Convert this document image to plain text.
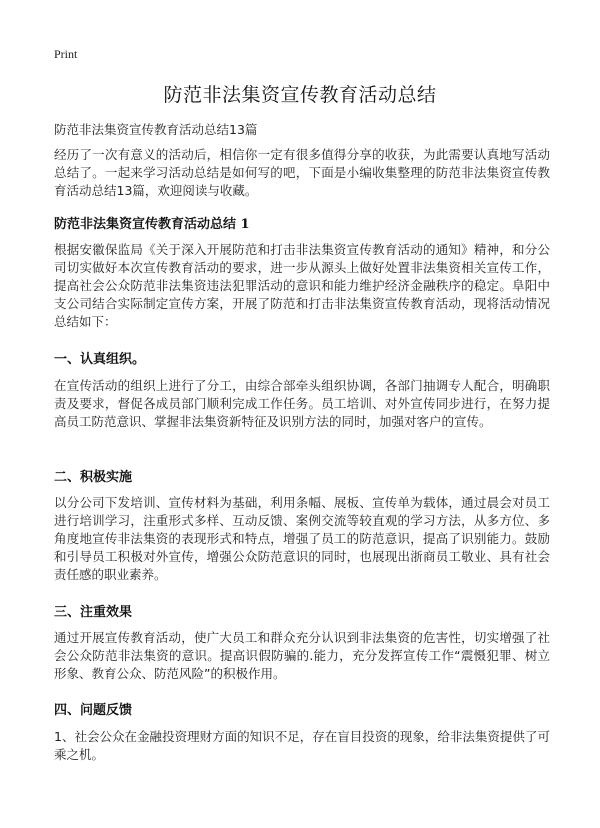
Print
防范非法集资宣传教育活动总结
防范非法集资宣传教育活动总结13篇

经历了一次有意义的活动后，相信你一定有很多值得分享的收获，为此需要认真地写活动总结了。一起来学习活动总结是如何写的吧，下面是小编收集整理的防范非法集资宣传教育活动总结13篇，欢迎阅读与收藏。

防范非法集资宣传教育活动总结 1

根据安徽保监局《关于深入开展防范和打击非法集资宣传教育活动的通知》精神，和分公司切实做好本次宣传教育活动的要求，进一步从源头上做好处置非法集资相关宣传工作，提高社会公众防范非法集资违法犯罪活动的意识和能力维护经济金融秩序的稳定。阜阳中支公司结合实际制定宣传方案，开展了防范和打击非法集资宣传教育活动，现将活动情况总结如下：

一、认真组织。

在宣传活动的组织上进行了分工，由综合部牵头组织协调，各部门抽调专人配合，明确职责及要求，督促各成员部门顺利完成工作任务。员工培训、对外宣传同步进行，在努力提高员工防范意识、掌握非法集资新特征及识别方法的同时，加强对客户的宣传。

二、积极实施

以分公司下发培训、宣传材料为基础，利用条幅、展板、宣传单为载体，通过晨会对员工进行培训学习，注重形式多样、互动反馈、案例交流等较直观的学习方法，从多方位、多角度地宣传非法集资的表现形式和特点，增强了员工的防范意识，提高了识别能力。鼓励和引导员工积极对外宣传，增强公众防范意识的同时，也展现出浙商员工敬业、具有社会责任感的职业素养。

三、注重效果

通过开展宣传教育活动，使广大员工和群众充分认识到非法集资的危害性，切实增强了社会公众防范非法集资的意识。提高识假防骗的.能力，充分发挥宣传工作“震慑犯罪、树立形象、教育公众、防范风险”的积极作用。

四、问题反馈

1、社会公众在金融投资理财方面的知识不足，存在盲目投资的现象，给非法集资提供了可乘之机。
